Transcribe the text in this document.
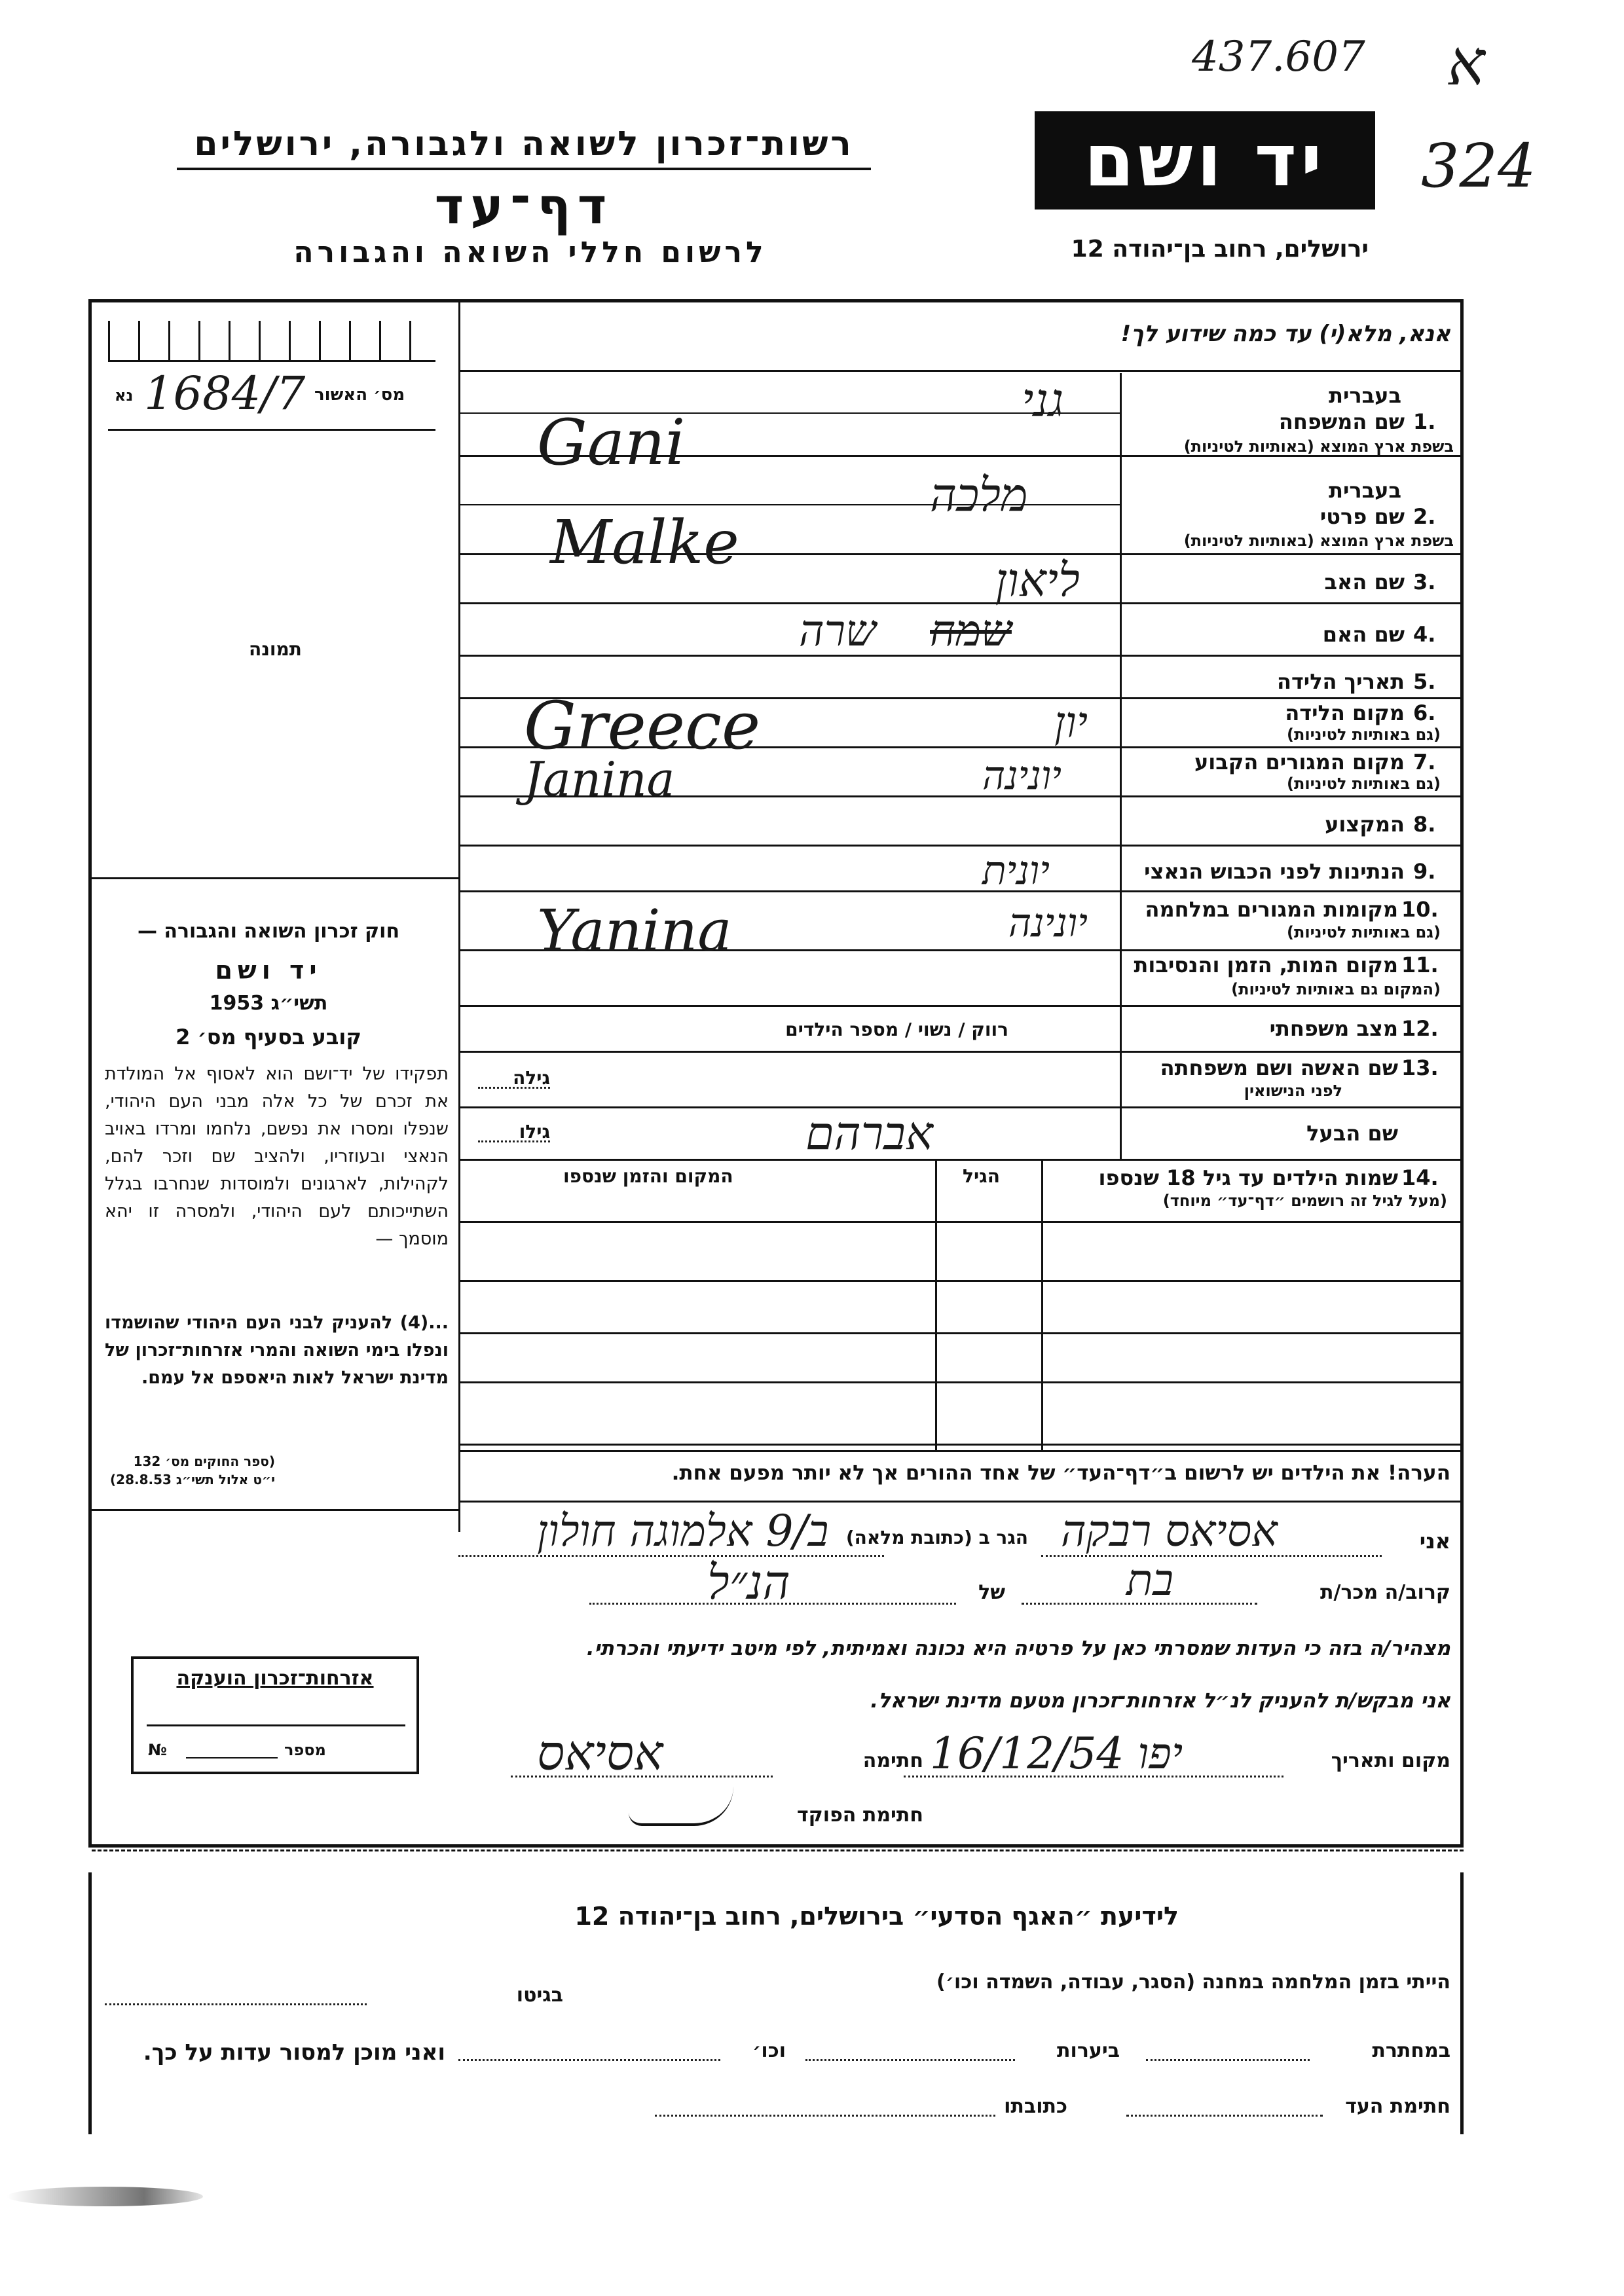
437.607 א
324
רשות־זכרון לשואה ולגבורה, ירושלים
דף־עד
לרשום חללי השואה והגבורה
יד ושם
ירושלים, רחוב בן־יהודה 12
מס׳ האשור
נא 1684/7
תמונה
חוק זכרון השואה והגבורה —
יד ושם
תשי״ג 1953
קובע בסעיף מס׳ 2
תפקידו של יד־ושם הוא לאסוף אל המולדת את זכרם של כל אלה מבני העם היהודי, שנפלו ומסרו את נפשם, נלחמו ומרדו באויב הנאצי ובעוזריו, ולהציב שם וזכר להם, לקהילות, לארגונים ולמוסדות שנחרבו בגלל השתייכותם לעם היהודי, ולמסרה זו יהא מוסמך —
...(4) להעניק לבני העם היהודי שהושמדו ונפלו בימי השואה והמרי אזרחות־זכרון של מדינת ישראל לאות היאספם אל עמם.
(ספר החוקים מס׳ 132
י״ט אלול תשי״ג 28.8.53)
אנא, מלא(י) עד כמה שידוע לך!
בעברית
1.
שם המשפחה
בשפת ארץ המוצא (באותיות לטיניות)
גני
Gani
בעברית
2.
שם פרטי
בשפת ארץ המוצא (באותיות לטיניות)
מלכה
Malke
3.
שם האב
ליאון
4.
שם האם
שרה שמח
5.
תאריך הלידה
6.
מקום הלידה
(גם באותיות לטיניות)
יון
Greece	7.
מקום המגורים הקבוע
(גם באותיות לטיניות)
יונינה
Janina
8.
המקצוע
9.
הנתינות לפני הכבוש הנאצי
יונית
10.
מקומות המגורים במלחמה
(גם באותיות לטיניות)
יונינה
Yanina
11.
מקום המות, הזמן והנסיבות
(המקום גם באותיות לטיניות)
12.
מצב משפחתי
רווק / נשוי / מספר הילדים
13.
שם האשה ושם משפחתה
לפני הנישואין
גילה
שם הבעל
אברהם
גילו
14.
שמות הילדים עד גיל 18 שנספו
(מעל לגיל זה רושמים ״דף־עד״ מיוחד)
הגיל
המקום והזמן שנספו
הערה! את הילדים יש לרשום ב״דף־העד״ של אחד ההורים אך לא יותר מפעם אחת.
אני
אסיאס רבקה
הגר ב (כתובת מלאה)
ב/9 אלמוגה חולון
קרוב/ה מכר/ת
בת
של
הנ״ל
מצהיר/ה בזה כי העדות שמסרתי כאן על פרטיה היא נכונה ואמיתית, לפי מיטב ידיעתי והכרתי.
אני מבקש/ת להעניק לנ״ל אזרחות־זכרון מטעם מדינת ישראל.
מקום ותאריך
יפו 16/12/54
חתימה
אסיאס
חתימת הפוקד
אזרחות־זכרון הוענקה
מספר
№
לידיעת ״האגף הסדעי״ בירושלים, רחוב בן־יהודה 12
הייתי בזמן המלחמה במחנה (הסגר, עבודה, השמדה וכו׳)
בגיטו
במחתרת
ביערות
וכו׳
ואני מוכן למסור עדות על כך.
חתימת העד
כתובתו
